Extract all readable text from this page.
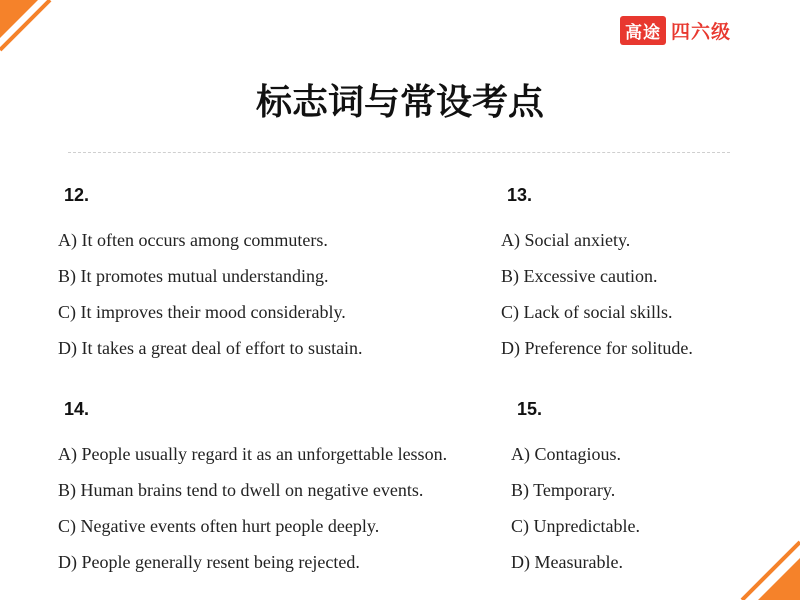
高途 四六级
标志词与常设考点
12.
A) It often occurs among commuters.
B) It promotes mutual understanding.
C) It improves their mood considerably.
D) It takes a great deal of effort to sustain.
13.
A) Social anxiety.
B) Excessive caution.
C) Lack of social skills.
D) Preference for solitude.
14.
A) People usually regard it as an unforgettable lesson.
B) Human brains tend to dwell on negative events.
C) Negative events often hurt people deeply.
D) People generally resent being rejected.
15.
A) Contagious.
B) Temporary.
C) Unpredictable.
D) Measurable.
